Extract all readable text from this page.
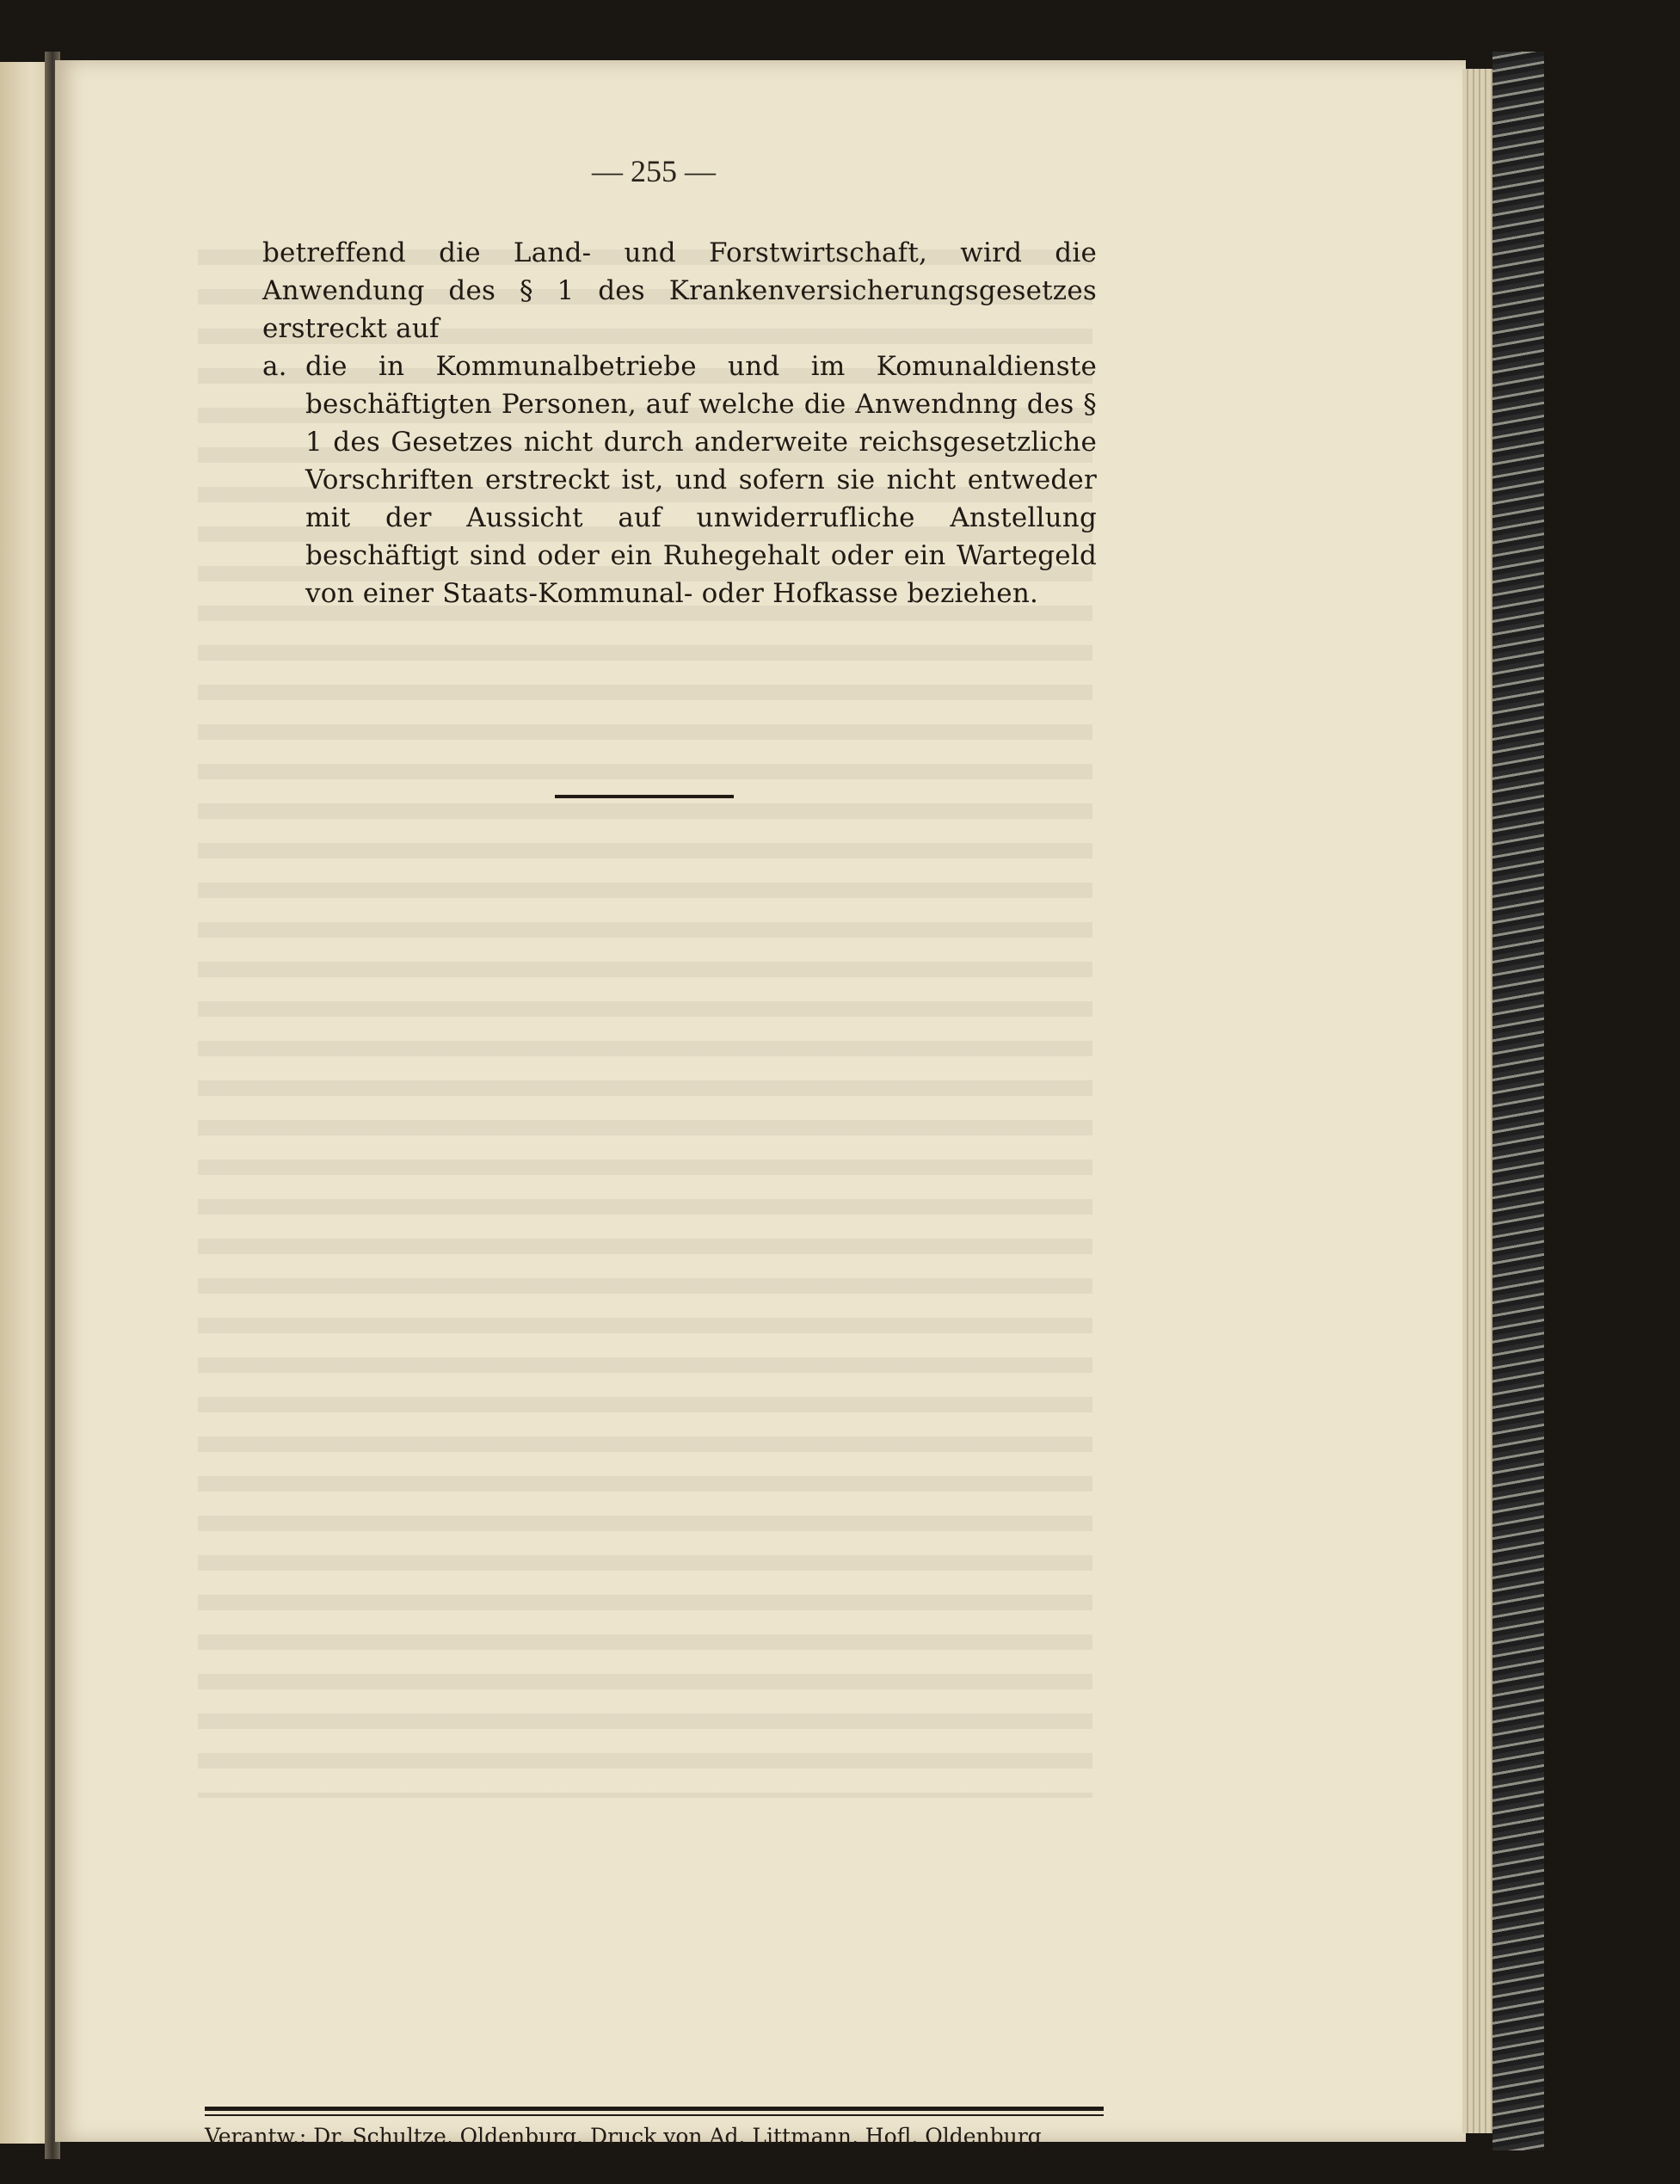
— 255 —
betreffend die Land- und Forstwirtschaft, wird die Anwendung des § 1 des Krankenversicherungsgesetzes erstreckt auf
a. die in Kommunalbetriebe und im Komunaldienste beschäftigten Personen, auf welche die Anwendnng des § 1 des Gesetzes nicht durch anderweite reichsgesetzliche Vorschriften erstreckt ist, und sofern sie nicht entweder mit der Aussicht auf unwiderrufliche Anstellung beschäftigt sind oder ein Ruhegehalt oder ein Wartegeld von einer Staats-Kommunal- oder Hofkasse beziehen.
Verantw.: Dr. Schultze, Oldenburg. Druck von Ad. Littmann, Hofl. Oldenburg
